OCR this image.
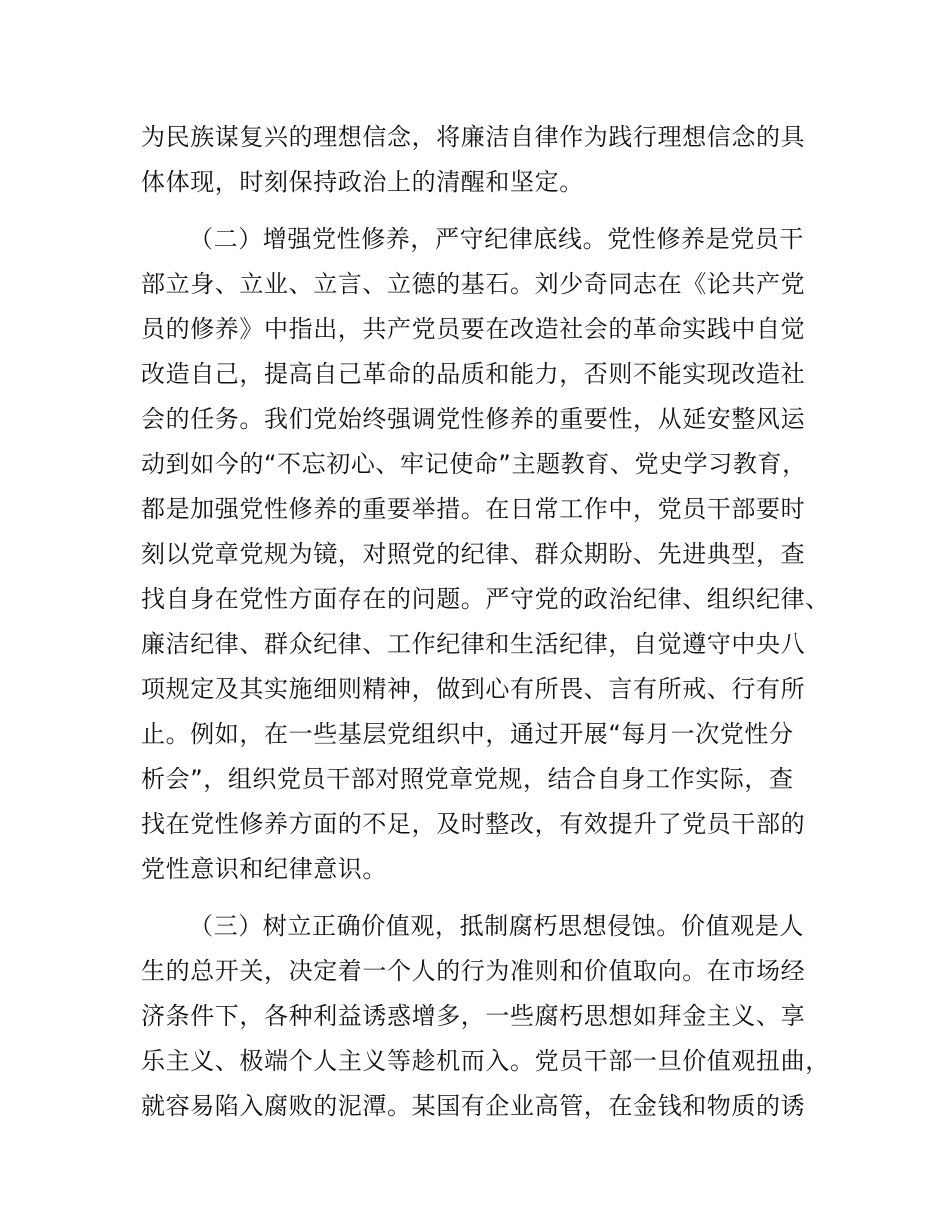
为民族谋复兴的理想信念，将廉洁自律作为践行理想信念的具
体体现，时刻保持政治上的清醒和坚定。
（二）增强党性修养，严守纪律底线。党性修养是党员干
部立身、立业、立言、立德的基石。刘少奇同志在《论共产党
员的修养》中指出，共产党员要在改造社会的革命实践中自觉
改造自己，提高自己革命的品质和能力，否则不能实现改造社
会的任务。我们党始终强调党性修养的重要性，从延安整风运
动到如今的“不忘初心、牢记使命”主题教育、党史学习教育，
都是加强党性修养的重要举措。在日常工作中，党员干部要时
刻以党章党规为镜，对照党的纪律、群众期盼、先进典型，查
找自身在党性方面存在的问题。严守党的政治纪律、组织纪律、
廉洁纪律、群众纪律、工作纪律和生活纪律，自觉遵守中央八
项规定及其实施细则精神，做到心有所畏、言有所戒、行有所
止。例如，在一些基层党组织中，通过开展“每月一次党性分
析会”，组织党员干部对照党章党规，结合自身工作实际，查
找在党性修养方面的不足，及时整改，有效提升了党员干部的
党性意识和纪律意识。
（三）树立正确价值观，抵制腐朽思想侵蚀。价值观是人
生的总开关，决定着一个人的行为准则和价值取向。在市场经
济条件下，各种利益诱惑增多，一些腐朽思想如拜金主义、享
乐主义、极端个人主义等趁机而入。党员干部一旦价值观扭曲，
就容易陷入腐败的泥潭。某国有企业高管，在金钱和物质的诱
